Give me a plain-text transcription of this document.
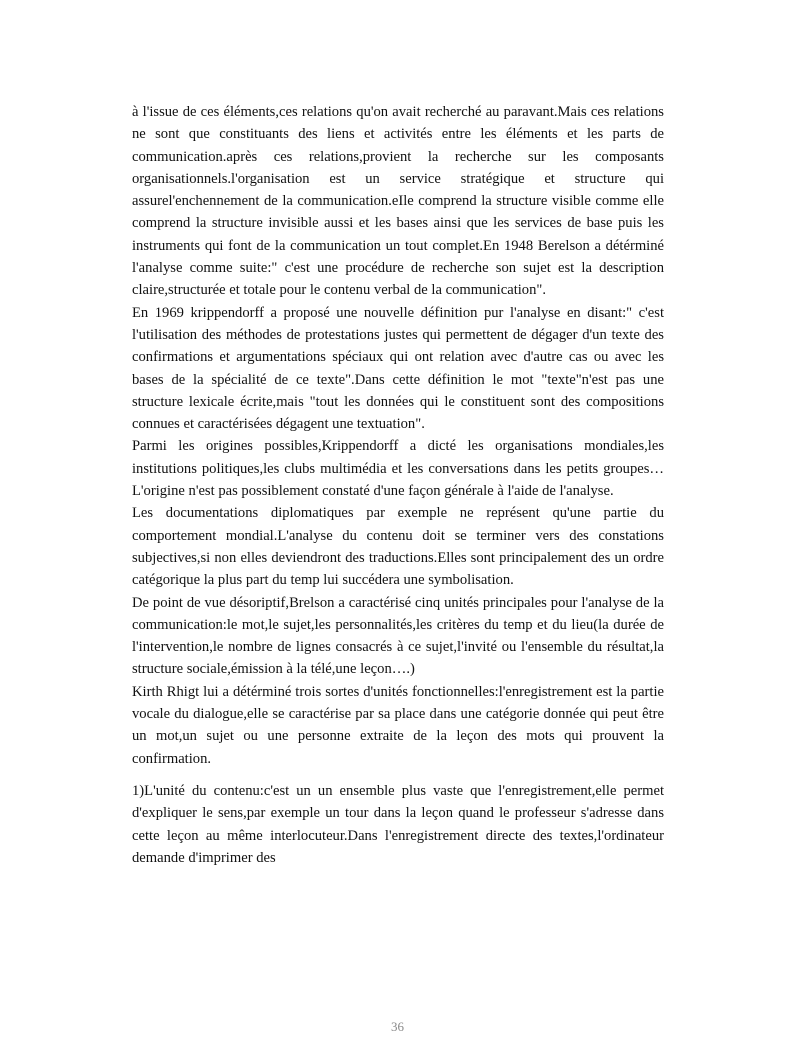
à l'issue de ces éléments,ces relations qu'on avait recherché au paravant.Mais ces relations ne sont que constituants des liens et activités entre les éléments et les parts de communication.après ces relations,provient la recherche sur les composants organisationnels.l'organisation est un service stratégique et structure qui assurel'enchennement de la communication.eIle comprend la structure visible comme elle comprend la structure invisible aussi et les bases ainsi que les services de base puis les instruments qui font de la communication un tout complet.En 1948 Berelson a détérminé l'analyse comme suite:" c'est une procédure de recherche son sujet est la description claire,structurée et totale pour le contenu verbal de la communication".

En 1969 krippendorff a proposé une nouvelle définition pur l'analyse en disant:" c'est l'utilisation des méthodes de protestations justes qui permettent de dégager d'un texte des confirmations et argumentations spéciaux qui ont relation avec d'autre cas ou avec les bases de la spécialité de ce texte".Dans cette définition le mot "texte"n'est pas une structure lexicale écrite,mais "tout les données qui le constituent sont des compositions connues et caractérisées dégagent une textuation".

Parmi les origines possibles,Krippendorff a dicté les organisations mondiales,les institutions politiques,les clubs multimédia et les conversations dans les petits groupes…L'origine n'est pas possiblement constaté d'une façon générale à l'aide de l'analyse.

Les documentations diplomatiques par exemple ne représent qu'une partie du comportement mondial.L'analyse du contenu doit se terminer vers des constations subjectives,si non elles deviendront des traductions.Elles sont principalement des un ordre catégorique la plus part du temp lui succédera une symbolisation.

De point de vue désoriptif,Brelson a caractérisé cinq unités principales pour l'analyse de la communication:le mot,le sujet,les personnalités,les critères du temp et du lieu(la durée de l'intervention,le nombre de lignes consacrés à ce sujet,l'invité ou l'ensemble du résultat,la structure sociale,émission à la télé,une leçon….)

Kirth Rhigt lui a détérminé trois sortes d'unités fonctionnelles:l'enregistrement est la partie vocale du dialogue,elle se caractérise par sa place dans une catégorie donnée qui peut être un mot,un sujet ou une personne extraite de la leçon des mots qui prouvent la confirmation.

1)L'unité du contenu:c'est un un ensemble plus vaste que l'enregistrement,elle permet d'expliquer le sens,par exemple un tour dans la leçon quand le professeur s'adresse dans cette leçon au même interlocuteur.Dans l'enregistrement directe des textes,l'ordinateur demande d'imprimer des

36
